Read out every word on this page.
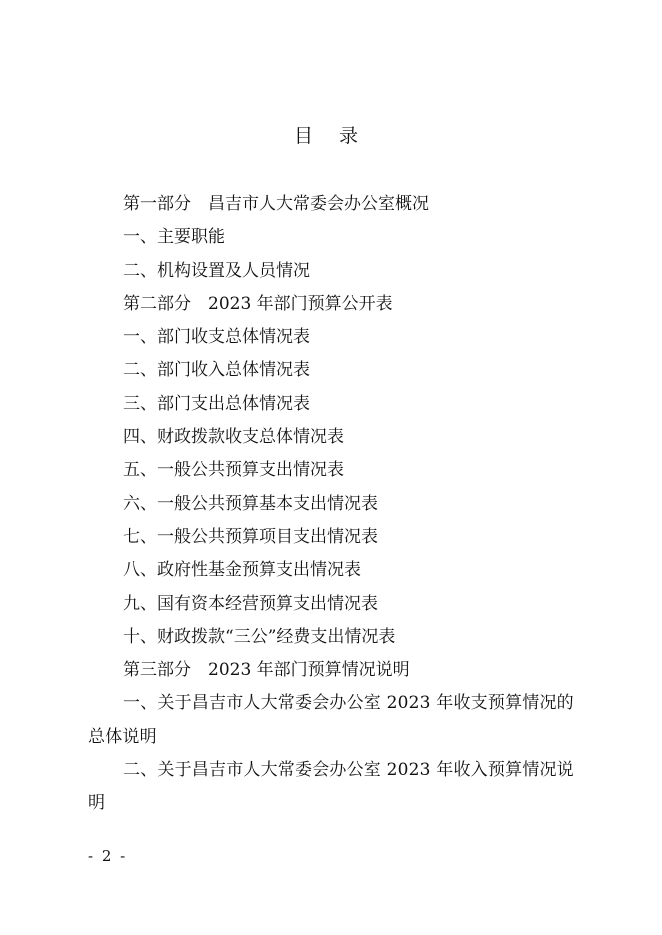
目 录
第一部分　昌吉市人大常委会办公室概况
一、主要职能
二、机构设置及人员情况
第二部分　2023 年部门预算公开表
一、部门收支总体情况表
二、部门收入总体情况表
三、部门支出总体情况表
四、财政拨款收支总体情况表
五、一般公共预算支出情况表
六、一般公共预算基本支出情况表
七、一般公共预算项目支出情况表
八、政府性基金预算支出情况表
九、国有资本经营预算支出情况表
十、财政拨款“三公”经费支出情况表
第三部分　2023 年部门预算情况说明
一、关于昌吉市人大常委会办公室 2023 年收支预算情况的总体说明
二、关于昌吉市人大常委会办公室 2023 年收入预算情况说明
- 2 -
